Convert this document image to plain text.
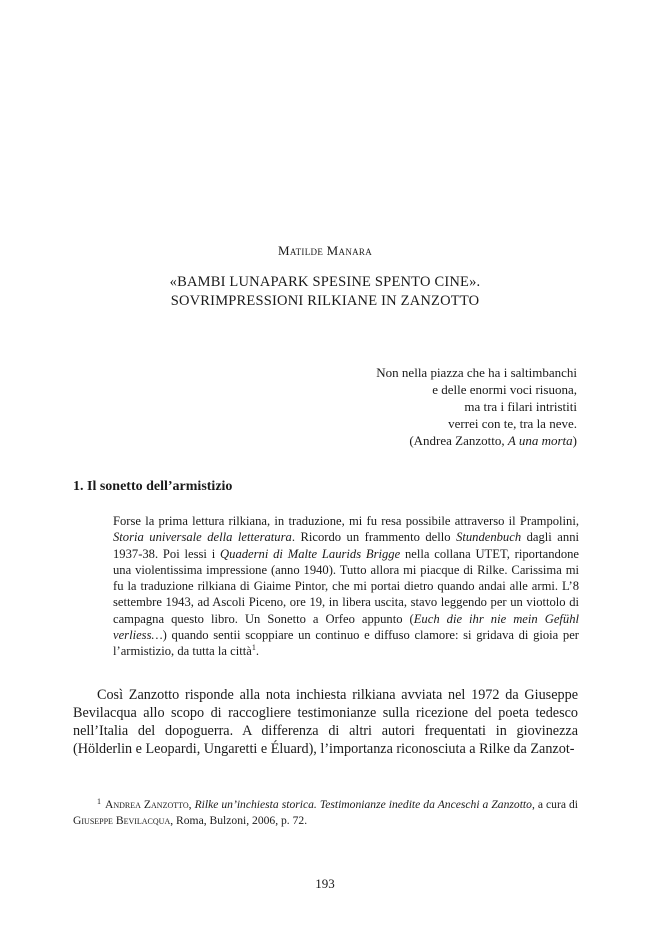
Matilde Manara
«BAMBI LUNAPARK SPESINE SPENTO CINE».
SOVRIMPRESSIONI RILKIANE IN ZANZOTTO
Non nella piazza che ha i saltimbanchi
e delle enormi voci risuona,
ma tra i filari intristiti
verrei con te, tra la neve.
(Andrea Zanzotto, A una morta)
1. Il sonetto dell’armistizio

Forse la prima lettura rilkiana, in traduzione, mi fu resa possibile attraverso il Prampolini, Storia universale della letteratura. Ricordo un frammento dello Stundenbuch dagli anni 1937-38. Poi lessi i Quaderni di Malte Laurids Brigge nella collana UTET, riportandone una violentissima impressione (anno 1940). Tutto allora mi piacque di Rilke. Carissima mi fu la traduzione rilkiana di Giaime Pintor, che mi portai dietro quando andai alle armi. L’8 settembre 1943, ad Ascoli Piceno, ore 19, in libera uscita, stavo leggendo per un viottolo di campagna questo libro. Un Sonetto a Orfeo appunto (Euch die ihr nie mein Gefühl verliess…) quando sentii scoppiare un continuo e diffuso clamore: si gridava di gioia per l’armistizio, da tutta la città$^1$.

Così Zanzotto risponde alla nota inchiesta rilkiana avviata nel 1972 da Giuseppe Bevilacqua allo scopo di raccogliere testimonianze sulla ricezione del poeta tedesco nell’Italia del dopoguerra. A differenza di altri autori frequentati in giovinezza (Hölderlin e Leopardi, Ungaretti e Éluard), l’importanza riconosciuta a Rilke da Zanzot-

$^1$ Andrea Zanzotto, Rilke un’inchiesta storica. Testimonianze inedite da Anceschi a Zanzotto, a cura di Giuseppe Bevilacqua, Roma, Bulzoni, 2006, p. 72.

193
